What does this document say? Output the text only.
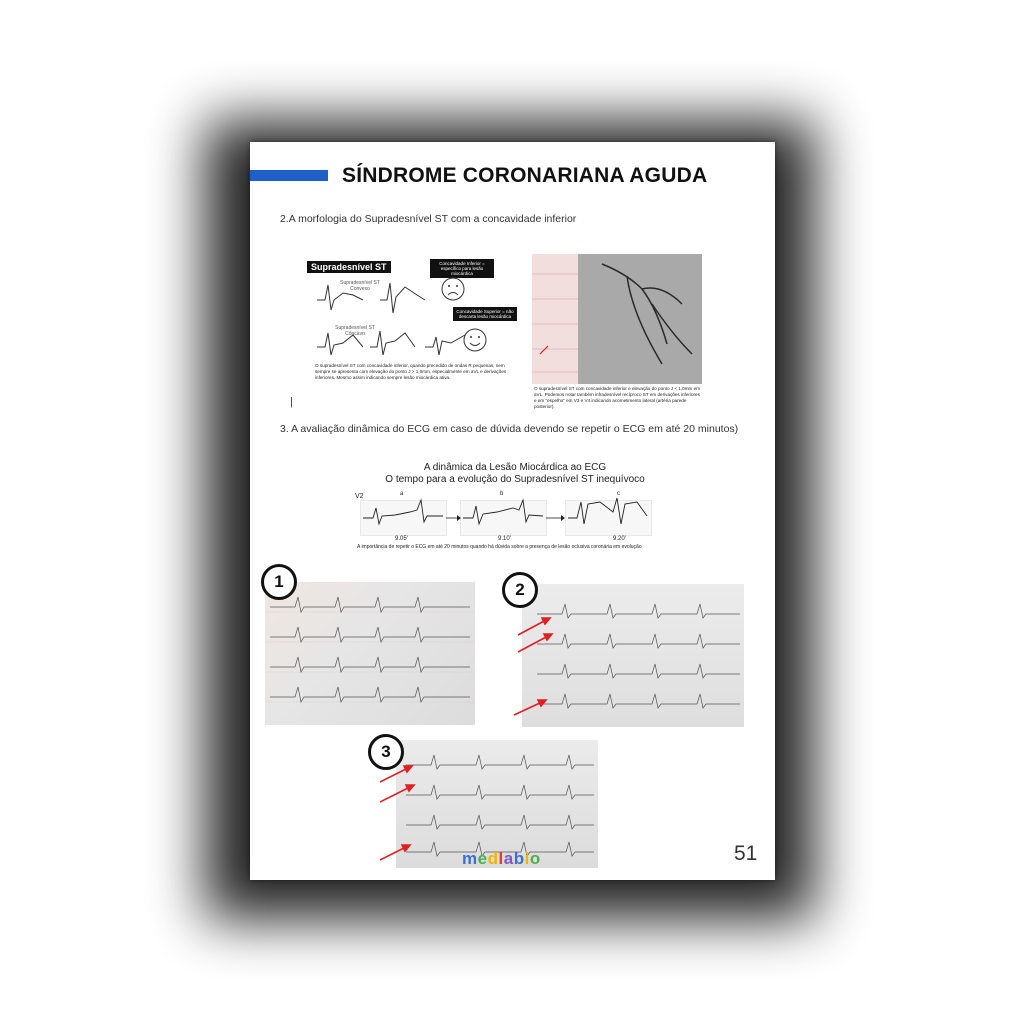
SÍNDROME CORONARIANA AGUDA
2.A morfologia do Supradesnível ST com a concavidade inferior
Supradesnível ST
Supradesnível ST Convexo
Supradesnível ST Côncavo
Concavidade Inferior = específico para lesão miocárdica
Concavidade Superior = não descarta lesão miocárdica
O supradesnível ST com concavidade inferior, quando precedido de ondas R pequenas, nem sempre se apresenta com elevação do ponto J > 1,0mm, especialmente em aVL e derivações inferiores. Mesmo assim indicando sempre lesão miocárdica ativa.
O supradesnível ST com concavidade inferior e elevação do ponto J < 1,0mm em aVL. Podemos notar também infradesnível recíproco ST em derivações inferiores e em "espelho" em V3 e V4 indicando acometimento lateral (artéria parede posterior).
|
3. A avaliação dinâmica do ECG em caso de dúvida devendo se repetir o ECG em até 20 minutos)
A dinâmica da Lesão Miocárdica ao ECG
O tempo para a evolução do Supradesnível ST inequívoco
V2	a	b	c
9.05'	9.10'	9.20'
A importância de repetir o ECG em até 20 minutos quando há dúvida sobre a presença de lesão oclusiva coronária em evolução
1	2
3
medlabio	51
